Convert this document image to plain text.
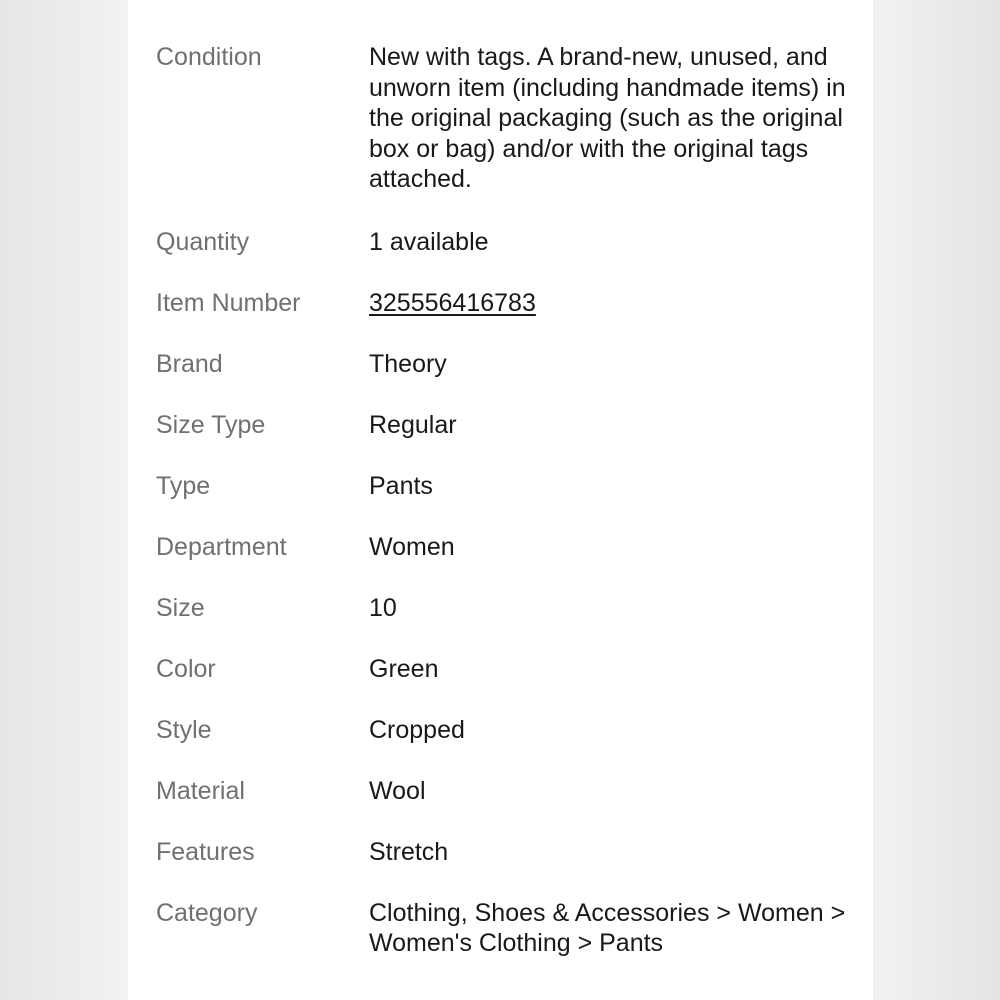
Condition	New with tags. A brand-new, unused, and unworn item (including handmade items) in the original packaging (such as the original box or bag) and/or with the original tags attached.
Quantity	1 available
Item Number	325556416783
Brand	Theory
Size Type	Regular
Type	Pants
Department	Women
Size	10
Color	Green
Style	Cropped
Material	Wool
Features	Stretch
Category	Clothing, Shoes & Accessories > Women > Women's Clothing > Pants
